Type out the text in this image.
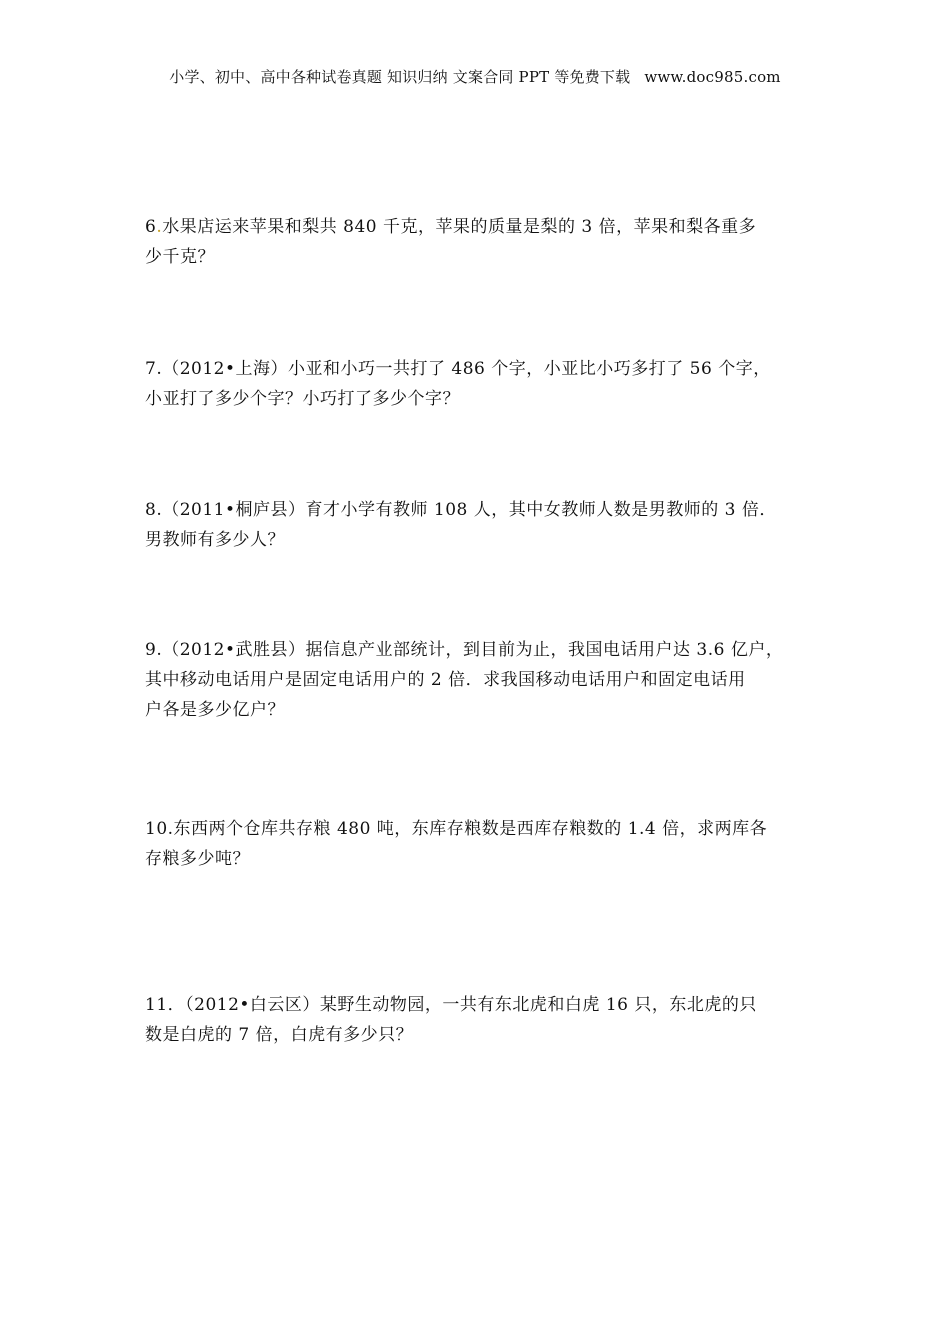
小学、初中、高中各种试卷真题 知识归纳 文案合同 PPT 等免费下载 www.doc985.com
6.水果店运来苹果和梨共 840 千克，苹果的质量是梨的 3 倍，苹果和梨各重多
少千克？
7.（2012•上海）小亚和小巧一共打了 486 个字，小亚比小巧多打了 56 个字，
小亚打了多少个字？小巧打了多少个字？
8.（2011•桐庐县）育才小学有教师 108 人，其中女教师人数是男教师的 3 倍．
男教师有多少人？
9.（2012•武胜县）据信息产业部统计，到目前为止，我国电话用户达 3.6 亿户，
其中移动电话用户是固定电话用户的 2 倍．求我国移动电话用户和固定电话用
户各是多少亿户？
10.东西两个仓库共存粮 480 吨，东库存粮数是西库存粮数的 1.4 倍，求两库各
存粮多少吨？
11．（2012•白云区）某野生动物园，一共有东北虎和白虎 16 只，东北虎的只
数是白虎的 7 倍，白虎有多少只？
